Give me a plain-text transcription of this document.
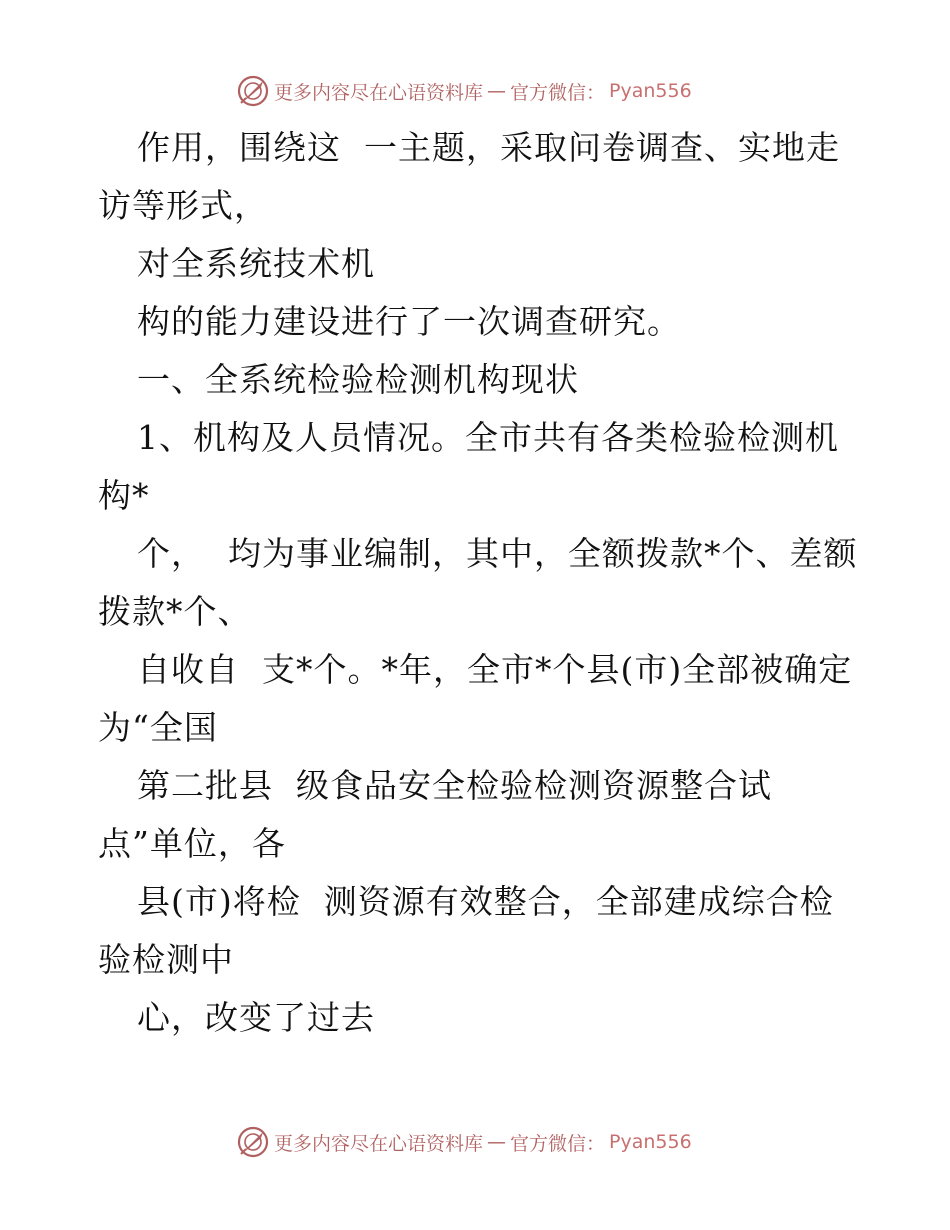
更多内容尽在心语资料库 — 官方微信： Pyan556
作用，围绕这  一主题，采取问卷调查、实地走
访等形式，
对全系统技术机
构的能力建设进行了一次调查研究。
一、全系统检验检测机构现状
1、机构及人员情况。全市共有各类检验检测机
构*
个，  均为事业编制，其中，全额拨款*个、差额
拨款*个、
自收自  支*个。*年，全市*个县(市)全部被确定
为“全国
第二批县  级食品安全检验检测资源整合试
点”单位，各
县(市)将检  测资源有效整合，全部建成综合检
验检测中
心，改变了过去
更多内容尽在心语资料库 — 官方微信： Pyan556
